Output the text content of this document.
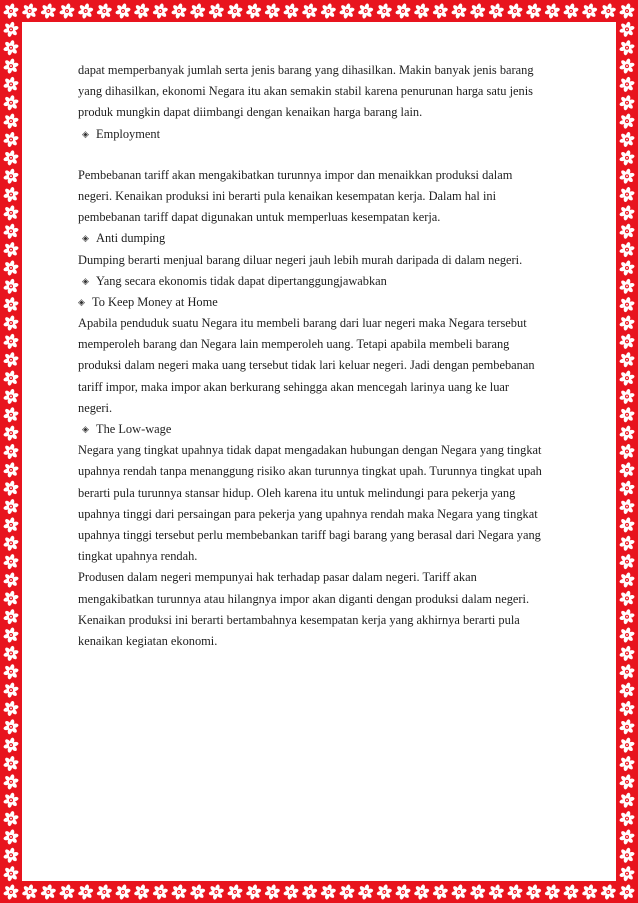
dapat memperbanyak jumlah serta jenis barang yang dihasilkan. Makin banyak jenis barang
yang dihasilkan, ekonomi Negara itu akan semakin stabil karena penurunan harga satu jenis
produk mungkin dapat diimbangi dengan kenaikan harga barang lain.
◈ Employment
Pembebanan tariff akan mengakibatkan turunnya impor dan menaikkan produksi dalam
negeri. Kenaikan produksi ini berarti pula kenaikan kesempatan kerja. Dalam hal ini
pembebanan tariff dapat digunakan untuk memperluas kesempatan kerja.
◈ Anti dumping
Dumping berarti menjual barang diluar negeri jauh lebih murah daripada di dalam negeri.
◈ Yang secara ekonomis tidak dapat dipertanggungjawabkan
◈ To Keep Money at Home
Apabila penduduk suatu Negara itu membeli barang dari luar negeri maka Negara tersebut
memperoleh barang dan Negara lain memperoleh uang. Tetapi apabila membeli barang
produksi dalam negeri maka uang tersebut tidak lari keluar negeri. Jadi dengan pembebanan
tariff impor, maka impor akan berkurang sehingga akan mencegah larinya uang ke luar
negeri.
◈ The Low-wage
Negara yang tingkat upahnya tidak dapat mengadakan hubungan dengan Negara yang tingkat
upahnya rendah tanpa menanggung risiko akan turunnya tingkat upah. Turunnya tingkat upah
berarti pula turunnya stansar hidup. Oleh karena itu untuk melindungi para pekerja yang
upahnya tinggi dari persaingan para pekerja yang upahnya rendah maka Negara yang tingkat
upahnya tinggi tersebut perlu membebankan tariff bagi barang yang berasal dari Negara yang
tingkat upahnya rendah.
Produsen dalam negeri mempunyai hak terhadap pasar dalam negeri. Tariff akan
mengakibatkan turunnya atau hilangnya impor akan diganti dengan produksi dalam negeri.
Kenaikan produksi ini berarti bertambahnya kesempatan kerja yang akhirnya berarti pula
kenaikan kegiatan ekonomi.
